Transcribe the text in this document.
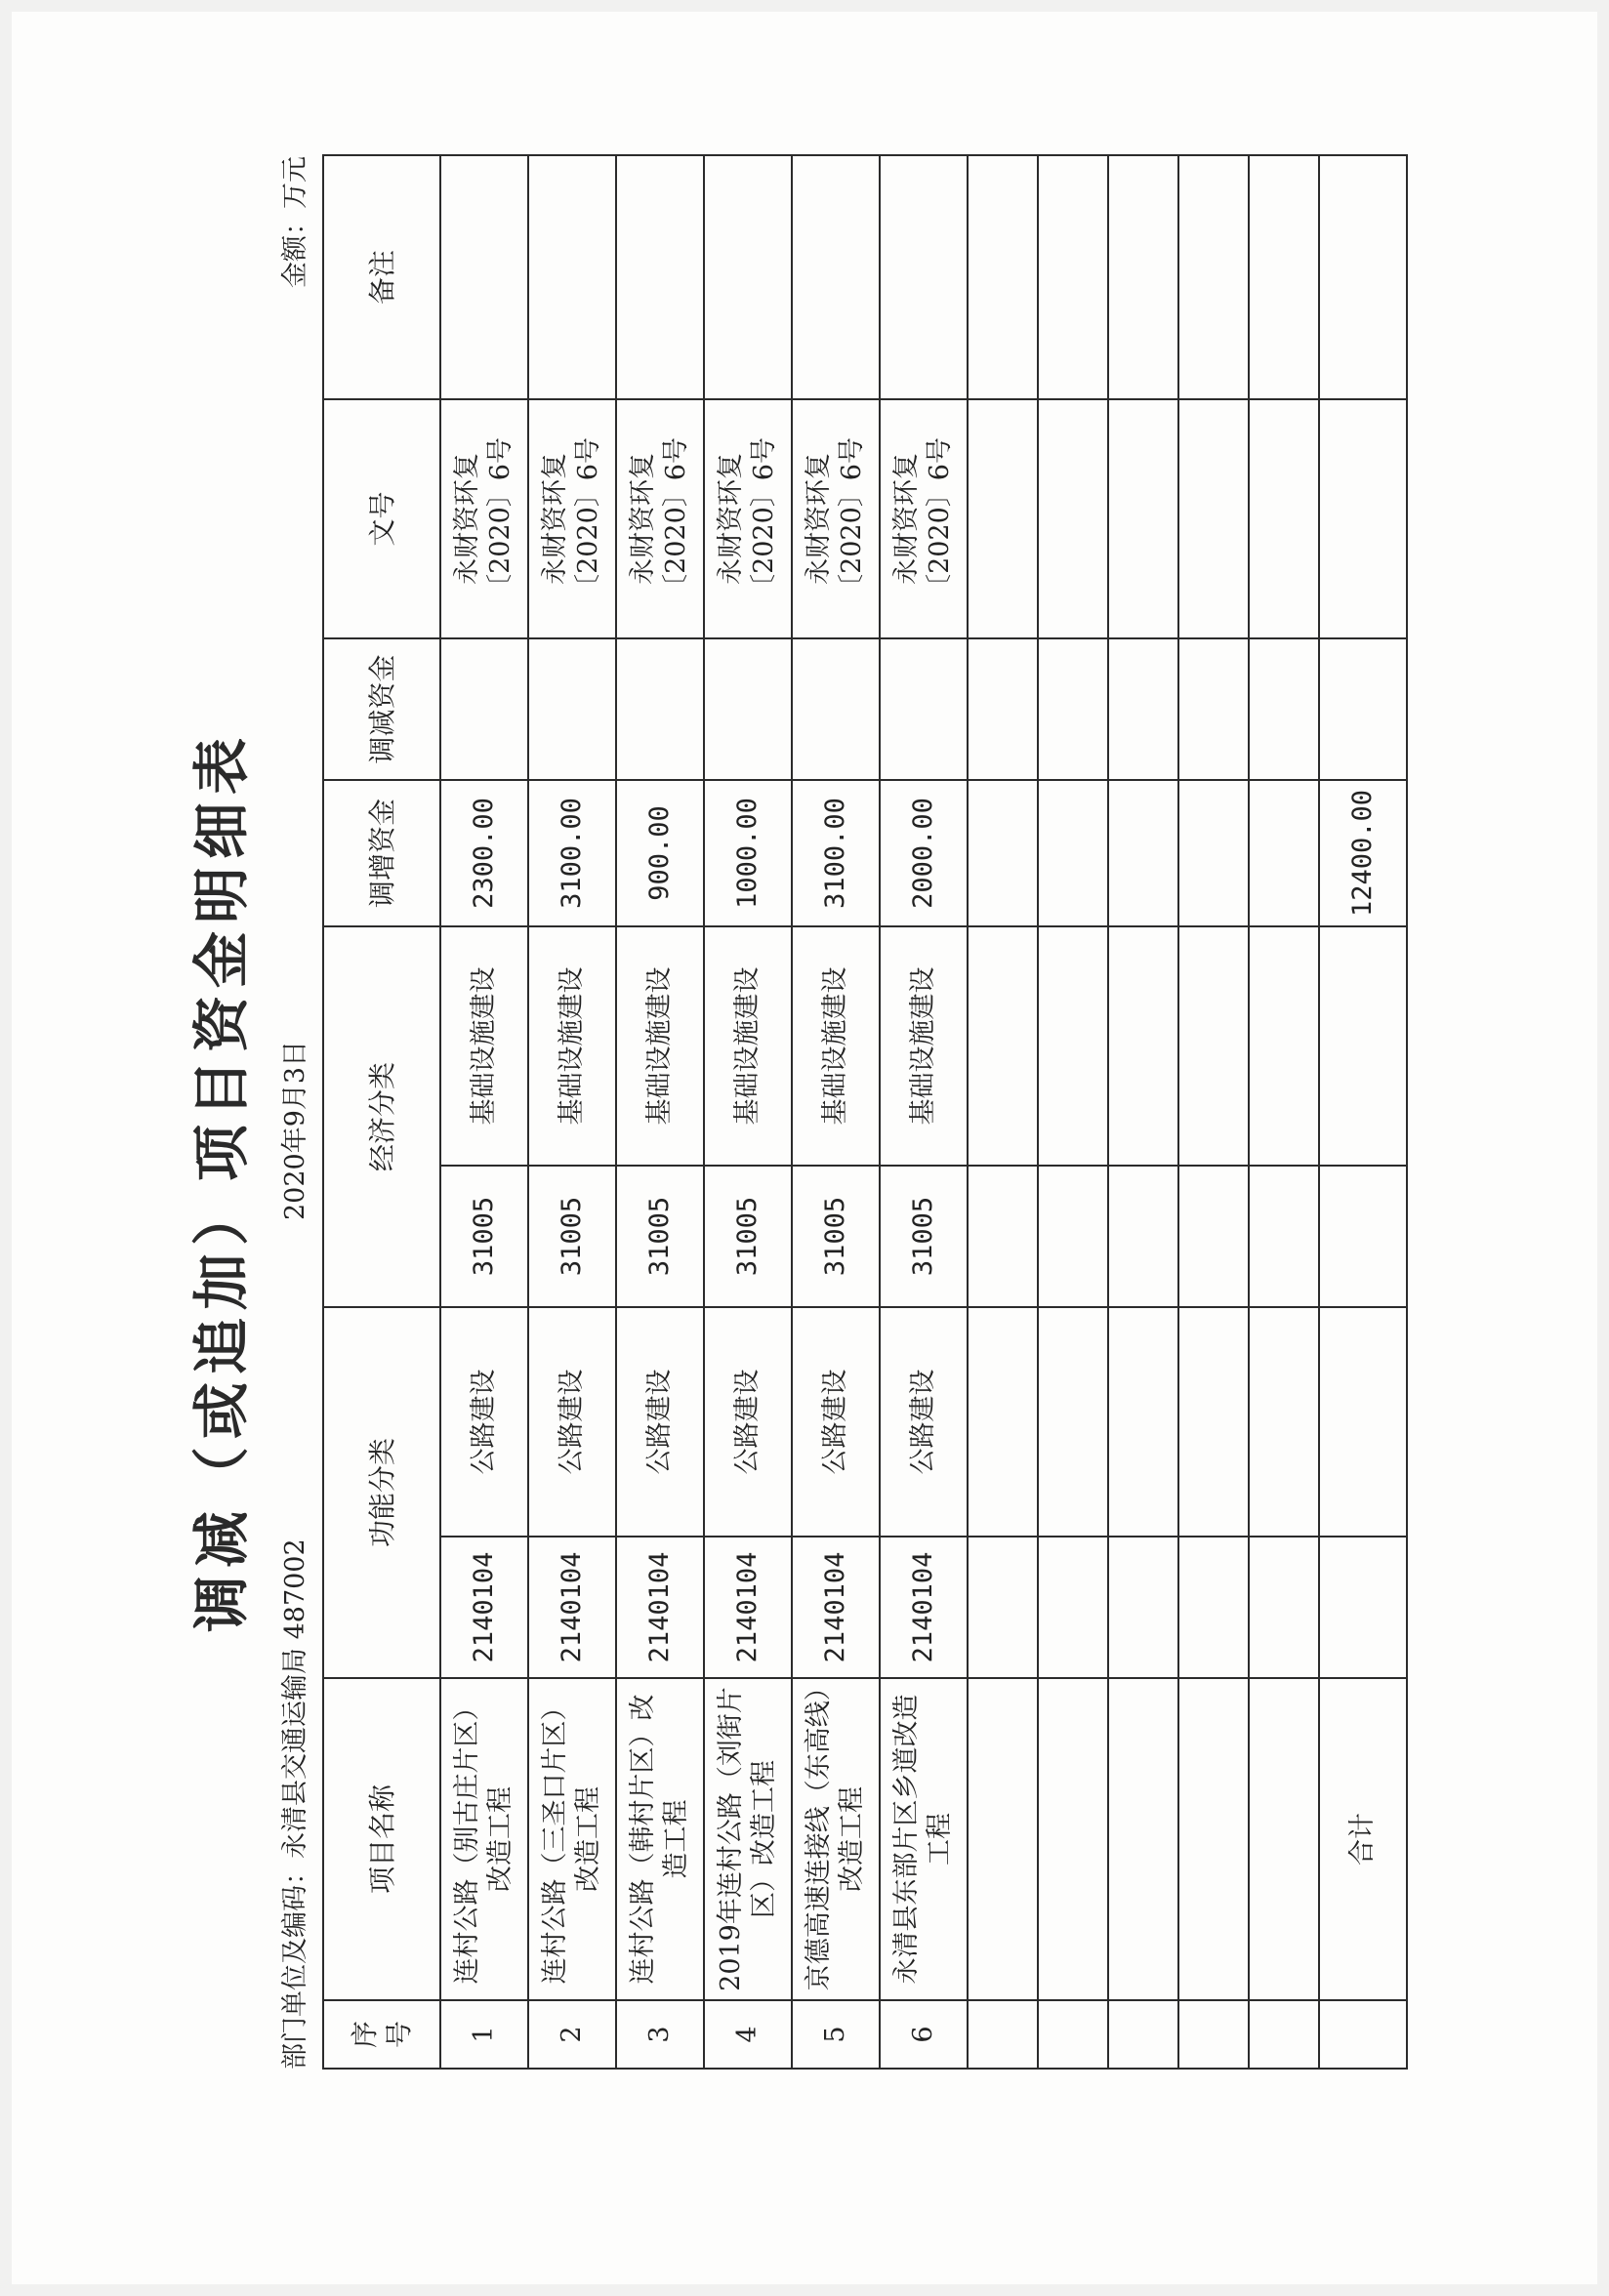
调减（或追加）项目资金明细表
部门单位及编码：永清县交通运输局 487002
2020年9月3日
金额：万元
序号	项目名称	功能分类		经济分类		调增资金	调减资金	文号	备注
1	连村公路（别古庄片区）改造工程	2140104	公路建设	31005	基础设施建设	2300.00		永财资环复〔2020〕6号	
2	连村公路（三圣口片区）改造工程	2140104	公路建设	31005	基础设施建设	3100.00		永财资环复〔2020〕6号	
3	连村公路（韩村片区）改造工程	2140104	公路建设	31005	基础设施建设	900.00		永财资环复〔2020〕6号	
4	2019年连村公路（刘街片区）改造工程	2140104	公路建设	31005	基础设施建设	1000.00		永财资环复〔2020〕6号	
5	京德高速连接线（东高线）改造工程	2140104	公路建设	31005	基础设施建设	3100.00		永财资环复〔2020〕6号	
6	永清县东部片区乡道改造工程	2140104	公路建设	31005	基础设施建设	2000.00		永财资环复〔2020〕6号	

	合计					12400.00			
